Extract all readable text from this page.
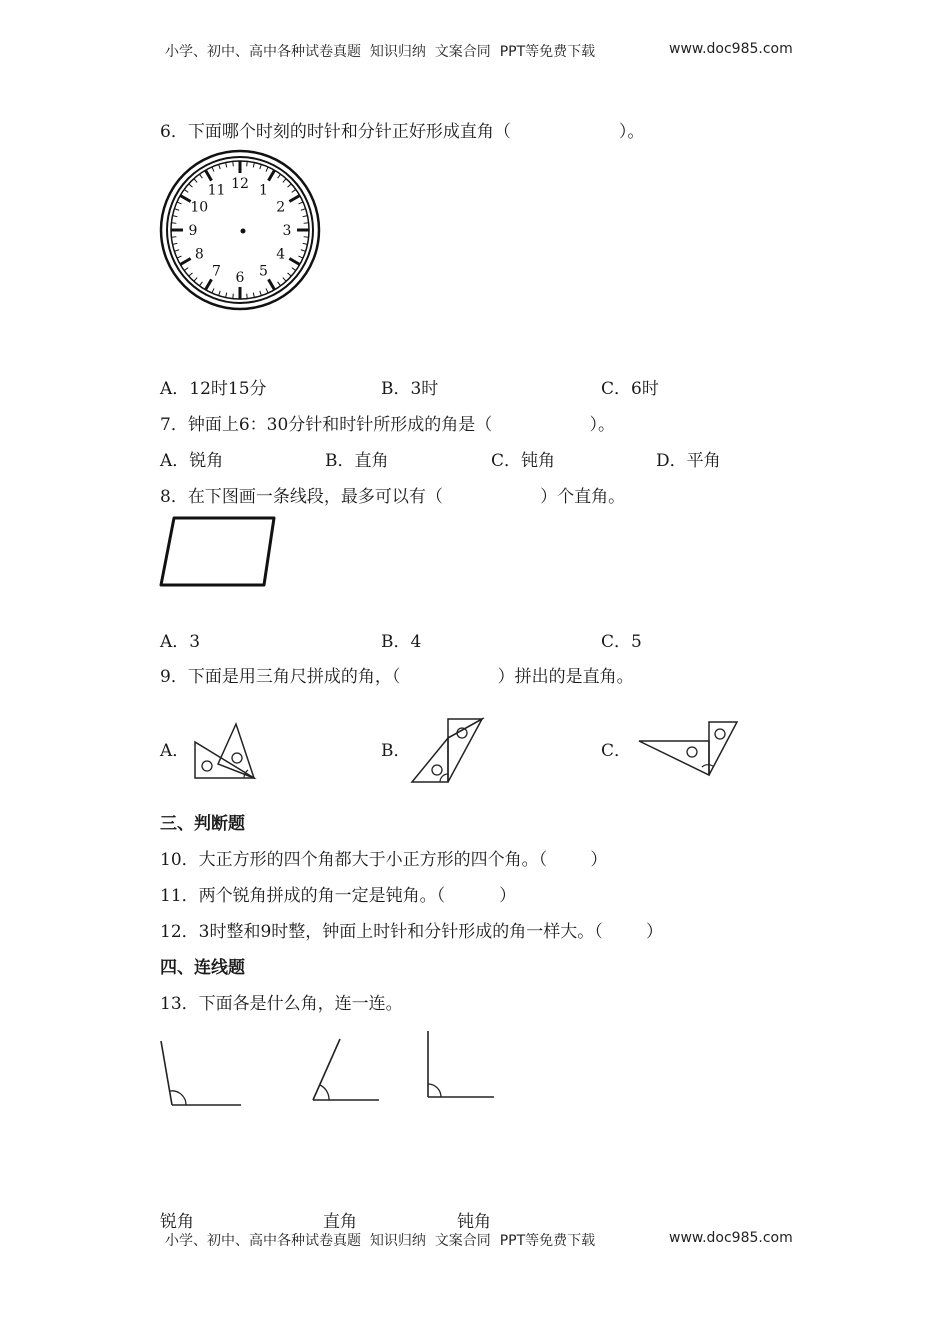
小学、初中、高中各种试卷真题  知识归纳  文案合同  PPT等免费下载	www.doc985.com
6．下面哪个时刻的时针和分针正好形成直角（                    ）。
12 1
2
3
4
5
6
7
8
9
10
11
A．12时15分	B．3时	C．6时
7．钟面上6：30分针和时针所形成的角是（                  ）。
A．锐角	B．直角	C．钝角	D．平角
8．在下图画一条线段，最多可以有（                  ）个直角。
A．3	B．4	C．5
9．下面是用三角尺拼成的角，（                  ）拼出的是直角。
A．	B．	C．
三、判断题
10．大正方形的四个角都大于小正方形的四个角。（        ）
11．两个锐角拼成的角一定是钝角。（          ）
12．3时整和9时整，钟面上时针和分针形成的角一样大。（        ）
四、连线题
13．下面各是什么角，连一连。
锐角	直角	钝角
小学、初中、高中各种试卷真题  知识归纳  文案合同  PPT等免费下载	www.doc985.com
